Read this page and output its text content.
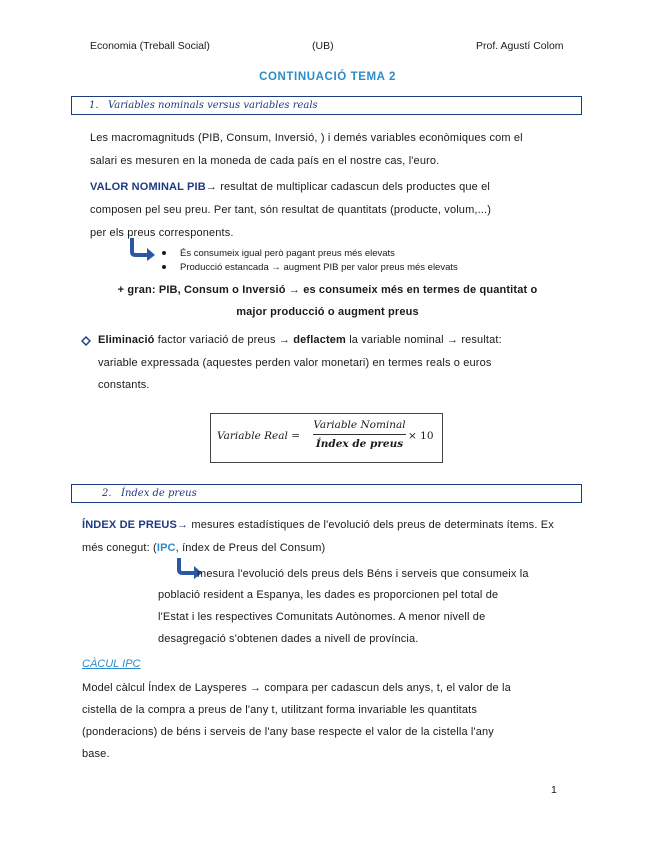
Economia (Treball Social)	(UB)	Prof. Agustí Colom
CONTINUACIÓ TEMA 2
1. Variables nominals versus variables reals
Les macromagnituds (PIB, Consum, Inversió, ) i demés variables econòmiques com el
salari es mesuren en la moneda de cada país en el nostre cas, l'euro.
VALOR NOMINAL PIB→ resultat de multiplicar cadascun dels productes que el
composen pel seu preu. Per tant, són resultat de quantitats (producte, volum,...)
per els preus corresponents.
És consumeix igual però pagant preus més elevats
Producció estancada → augment PIB per valor preus més elevats
+ gran: PIB, Consum o Inversió → es consumeix més en termes de quantitat o
major producció o augment preus
Eliminació factor variació de preus → deflactem la variable nominal → resultat:
variable expressada (aquestes perden valor monetari) en termes reals o euros
constants.
Variable Real =
Variable Nominal
Índex de preus
× 10
2. Índex de preus
ÍNDEX DE PREUS→ mesures estadístiques de l'evolució dels preus de determinats ítems. Ex
més conegut: (IPC, índex de Preus del Consum)
mesura l'evolució dels preus dels Béns i serveis que consumeix la
població resident a Espanya, les dades es proporcionen pel total de
l'Estat i les respectives Comunitats Autònomes. A menor nivell de
desagregació s'obtenen dades a nivell de província.
CÀCUL IPC
Model càlcul Índex de Laysperes → compara per cadascun dels anys, t, el valor de la
cistella de la compra a preus de l'any t, utilitzant forma invariable les quantitats
(ponderacions) de béns i serveis de l'any base respecte el valor de la cistella l'any
base.
1
